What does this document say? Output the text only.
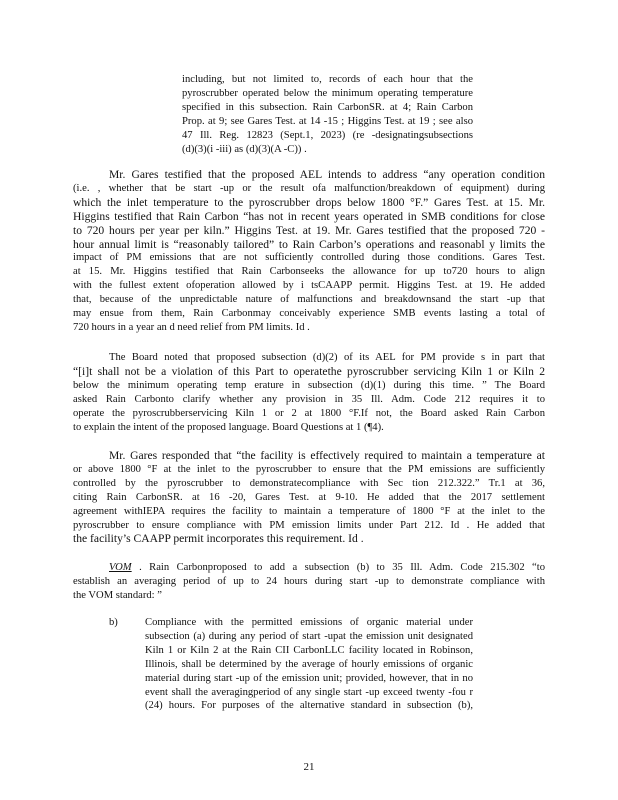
including, but not limited to, records of each hour that the
pyroscrubber operated below the minimum operating temperature
specified in this subsection. Rain CarbonSR. at 4; Rain Carbon
Prop. at 9; see Gares Test. at 14 -15 ; Higgins Test. at 19 ; see also
47 Ill. Reg. 12823 (Sept.1, 2023) (re -designatingsubsections
(d)(3)(i -iii) as (d)(3)(A -C)) .
Mr. Gares testified that the proposed AEL intends to address “any operation condition
(i.e. , whether that be start -up or the result ofa malfunction/breakdown of equipment) during
which the inlet temperature to the pyroscrubber drops below 1800 °F.” Gares Test. at 15. Mr.
Higgins testified that Rain Carbon “has not in recent years operated in SMB conditions for close
to 720 hours per year per kiln.” Higgins Test. at 19. Mr. Gares testified that the proposed 720 -
hour annual limit is “reasonably tailored” to Rain Carbon’s operations and reasonabl y limits the
impact of PM emissions that are not sufficiently controlled during those conditions. Gares Test.
at 15. Mr. Higgins testified that Rain Carbonseeks the allowance for up to720 hours to align
with the fullest extent ofoperation allowed by i tsCAAPP permit. Higgins Test. at 19. He added
that, because of the unpredictable nature of malfunctions and breakdownsand the start -up that
may ensue from them, Rain Carbonmay conceivably experience SMB events lasting a total of
720 hours in a year an d need relief from PM limits. Id .
The Board noted that proposed subsection (d)(2) of its AEL for PM provide s in part that
“[i]t shall not be a violation of this Part to operatethe pyroscrubber servicing Kiln 1 or Kiln 2
below the minimum operating temp erature in subsection (d)(1) during this time. ” The Board
asked Rain Carbonto clarify whether any provision in 35 Ill. Adm. Code 212 requires it to
operate the pyroscrubberservicing Kiln 1 or 2 at 1800 °F.If not, the Board asked Rain Carbon
to explain the intent of the proposed language. Board Questions at 1 (¶4).
Mr. Gares responded that “the facility is effectively required to maintain a temperature at
or above 1800 °F at the inlet to the pyroscrubber to ensure that the PM emissions are sufficiently
controlled by the pyroscrubber to demonstratecompliance with Sec tion 212.322.” Tr.1 at 36,
citing Rain CarbonSR. at 16 -20, Gares Test. at 9-10. He added that the 2017 settlement
agreement withIEPA requires the facility to maintain a temperature of 1800 °F at the inlet to the
pyroscrubber to ensure compliance with PM emission limits under Part 212. Id . He added that
the facility’s CAAPP permit incorporates this requirement. Id .
VOM . Rain Carbonproposed to add a subsection (b) to 35 Ill. Adm. Code 215.302 “to
establish an averaging period of up to 24 hours during start -up to demonstrate compliance with
the VOM standard: ”
b)	Compliance with the permitted emissions of organic material under
subsection (a) during any period of start -upat the emission unit designated
Kiln 1 or Kiln 2 at the Rain CII CarbonLLC facility located in Robinson,
Illinois, shall be determined by the average of hourly emissions of organic
material during start -up of the emission unit; provided, however, that in no
event shall the averagingperiod of any single start -up exceed twenty -fou r
(24) hours. For purposes of the alternative standard in subsection (b),
21
